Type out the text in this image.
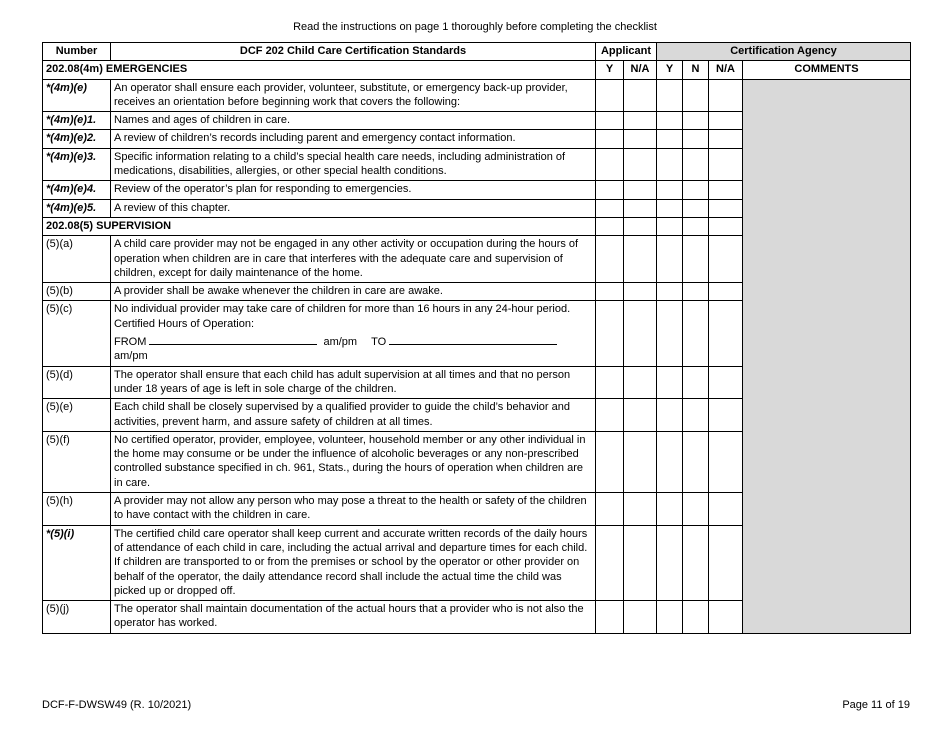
Read the instructions on page 1 thoroughly before completing the checklist
Number	DCF 202 Child Care Certification Standards	Applicant		Certification Agency			
202.08(4m) EMERGENCIES		Y	N/A	Y	N	N/A	COMMENTS
*(4m)(e)	An operator shall ensure each provider, volunteer, substitute, or emergency back-up provider, receives an orientation before beginning work that covers the following:						
*(4m)(e)1.	Names and ages of children in care.						
*(4m)(e)2.	A review of children’s records including parent and emergency contact information.						
*(4m)(e)3.	Specific information relating to a child’s special health care needs, including administration of medications, disabilities, allergies, or other special health conditions.						
*(4m)(e)4.	Review of the operator’s plan for responding to emergencies.						
*(4m)(e)5.	A review of this chapter.						
202.08(5) SUPERVISION							
(5)(a)	A child care provider may not be engaged in any other activity or occupation during the hours of operation when children are in care that interferes with the adequate care and supervision of children, except for daily maintenance of the home.						
(5)(b)	A provider shall be awake whenever the children in care are awake.						
(5)(c)	No individual provider may take care of children for more than 16 hours in any 24-hour period. Certified Hours of Operation:
FROM am/pm TO am/pm						

(5)(d)	The operator shall ensure that each child has adult supervision at all times and that no person under 18 years of age is left in sole charge of the children.						
(5)(e)	Each child shall be closely supervised by a qualified provider to guide the child’s behavior and activities, prevent harm, and assure safety of children at all times.						
(5)(f)	No certified operator, provider, employee, volunteer, household member or any other individual in the home may consume or be under the influence of alcoholic beverages or any non-prescribed controlled substance specified in ch. 961, Stats., during the hours of operation when children are in care.						
(5)(h)	A provider may not allow any person who may pose a threat to the health or safety of the children to have contact with the children in care.						
*(5)(i)	The certified child care operator shall keep current and accurate written records of the daily hours of attendance of each child in care, including the actual arrival and departure times for each child. If children are transported to or from the premises or school by the operator or other provider on behalf of the operator, the daily attendance record shall include the actual time the child was picked up or dropped off.						
(5)(j)	The operator shall maintain documentation of the actual hours that a provider who is not also the operator has worked.						
DCF-F-DWSW49 (R. 10/2021)	Page 11 of 19
